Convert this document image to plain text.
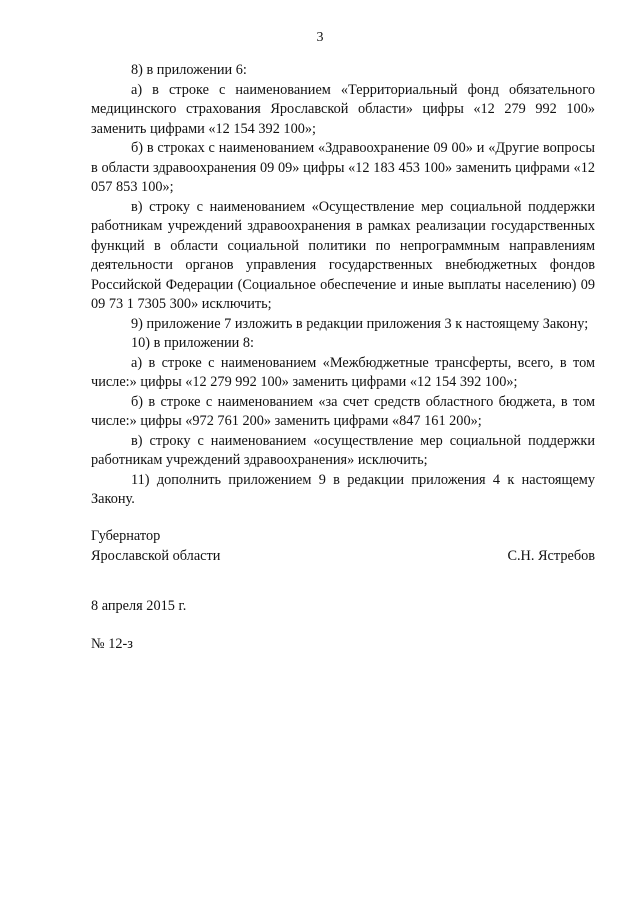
3

8) в приложении 6:

а) в строке с наименованием «Территориальный фонд обязательного медицинского страхования Ярославской области» цифры «12 279 992 100» заменить цифрами «12 154 392 100»;

б) в строках с наименованием «Здравоохранение 09 00» и «Другие вопросы в области здравоохранения 09 09» цифры «12 183 453 100» заменить цифрами «12 057 853 100»;

в) строку с наименованием «Осуществление мер социальной поддержки работникам учреждений здравоохранения в рамках реализации государственных функций в области социальной политики по непрограммным направлениям деятельности органов управления государственных внебюджетных фондов Российской Федерации (Социальное обеспечение и иные выплаты населению) 09 09 73 1 7305 300» исключить;

9) приложение 7 изложить в редакции приложения 3 к настоящему Закону;

10) в приложении 8:

а) в строке с наименованием «Межбюджетные трансферты, всего, в том числе:» цифры «12 279 992 100» заменить цифрами «12 154 392 100»;

б) в строке с наименованием «за счет средств областного бюджета, в том числе:» цифры «972 761 200» заменить цифрами «847 161 200»;

в) строку с наименованием «осуществление мер социальной поддержки работникам учреждений здравоохранения» исключить;

11) дополнить приложением 9 в редакции приложения 4 к настоящему Закону.

Губернатор
Ярославской области	С.Н. Ястребов
8 апреля 2015 г.
№ 12-з
